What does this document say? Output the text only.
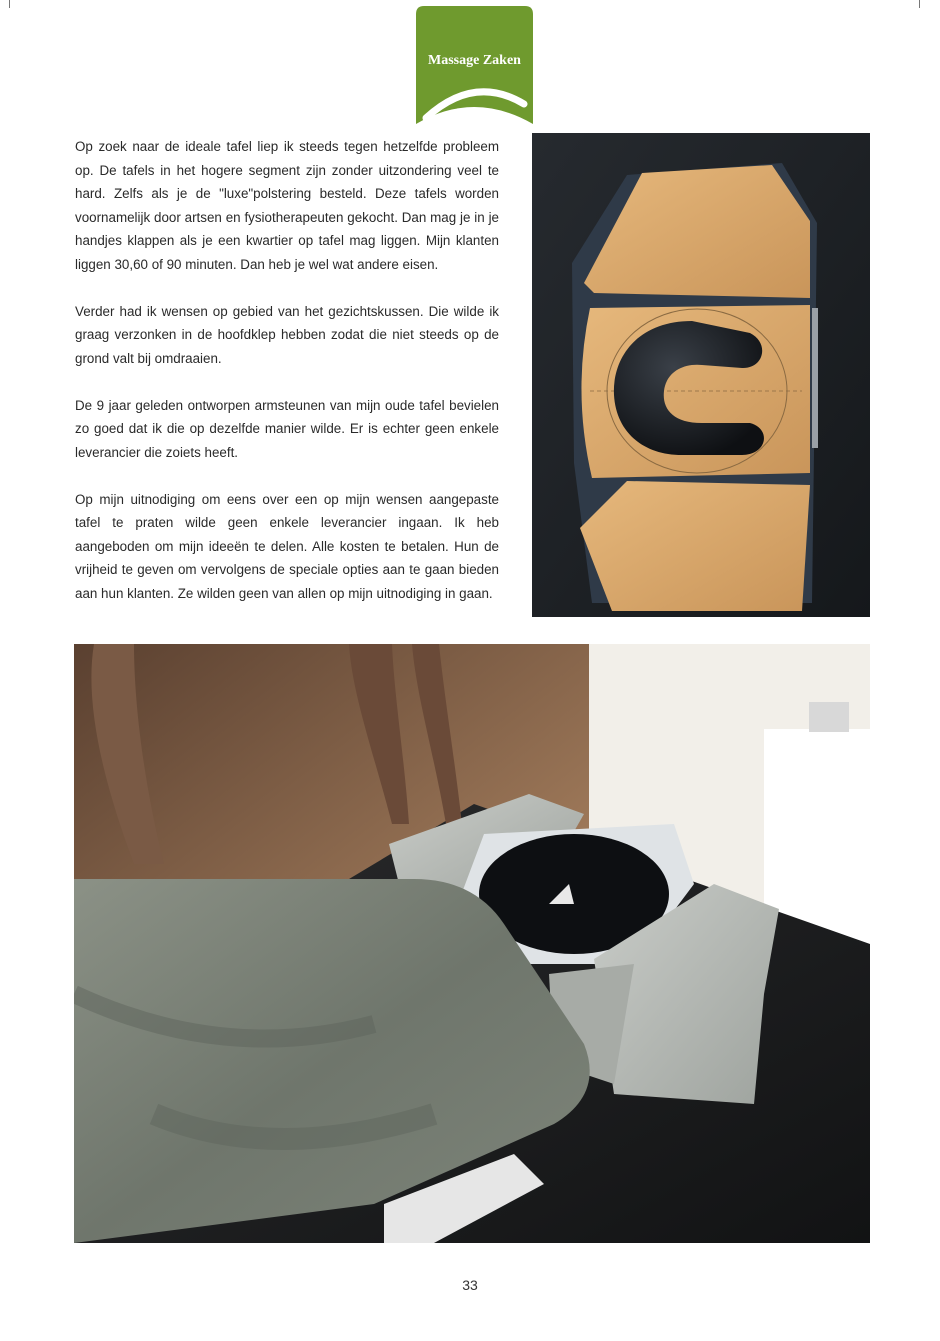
Massage Zaken

Op zoek naar de ideale tafel liep ik steeds tegen hetzelfde probleem op. De tafels in het hogere segment zijn zonder uitzondering veel te hard. Zelfs als je de "luxe"polstering besteld. Deze tafels worden voornamelijk door artsen en fysiotherapeuten gekocht. Dan mag je in je handjes klappen als je een kwartier op tafel mag liggen. Mijn klanten liggen 30,60 of 90 minuten. Dan heb je wel wat andere eisen.

Verder had ik wensen op gebied van het gezichtskussen. Die wilde ik graag verzonken in de hoofdklep hebben zodat die niet steeds op de grond valt bij omdraaien.

De 9 jaar geleden ontworpen armsteunen van mijn oude tafel bevielen zo goed dat ik die op dezelfde manier wilde. Er is echter geen enkele leverancier die zoiets heeft.

Op mijn uitnodiging om eens over een op mijn wensen aangepaste tafel te praten wilde geen enkele leverancier ingaan. Ik heb aangeboden om mijn ideeën te delen. Alle kosten te betalen. Hun de vrijheid te geven om vervolgens de speciale opties aan te gaan bieden aan hun klanten. Ze wilden geen van allen op mijn uitnodiging in gaan.

33
